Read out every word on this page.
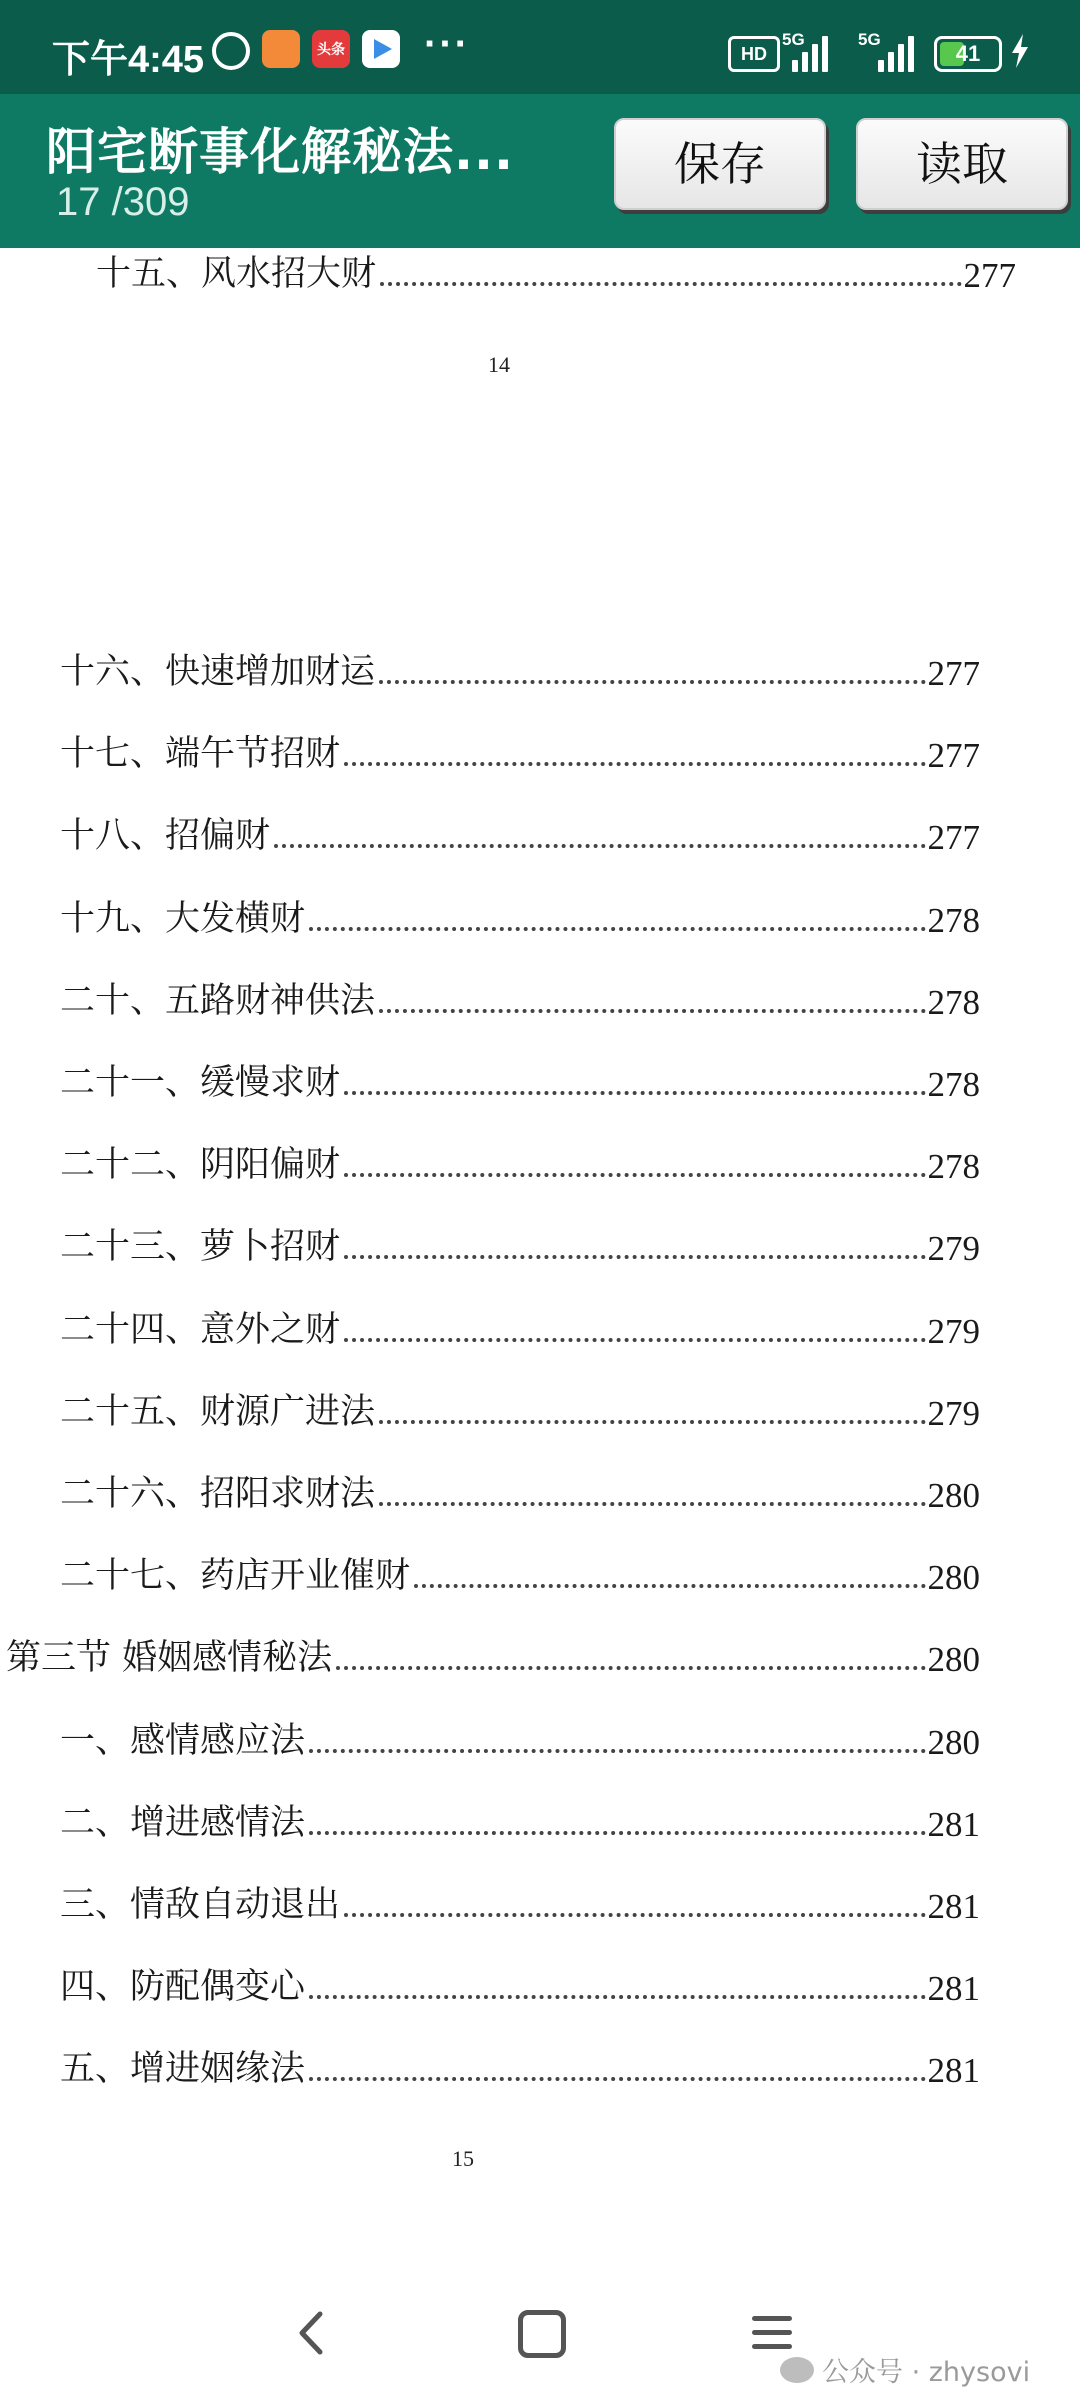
下午4:45	头条 ···	HD
5G	5G
41
阳宅断事化解秘法...
17 /309
保存	读取
十五、风水招大财	277
14
十六、快速增加财运	277
十七、端午节招财	277
十八、招偏财	277
十九、大发横财	278
二十、五路财神供法	278
二十一、缓慢求财	278
二十二、阴阳偏财	278
二十三、萝卜招财	279
二十四、意外之财	279
二十五、财源广进法	279
二十六、招阳求财法	280
二十七、药店开业催财	280
第三节 婚姻感情秘法	280
一、感情感应法	280
二、增进感情法	281
三、情敌自动退出	281
四、防配偶变心	281
五、增进姻缘法	281
15
公众号 · zhysovi
